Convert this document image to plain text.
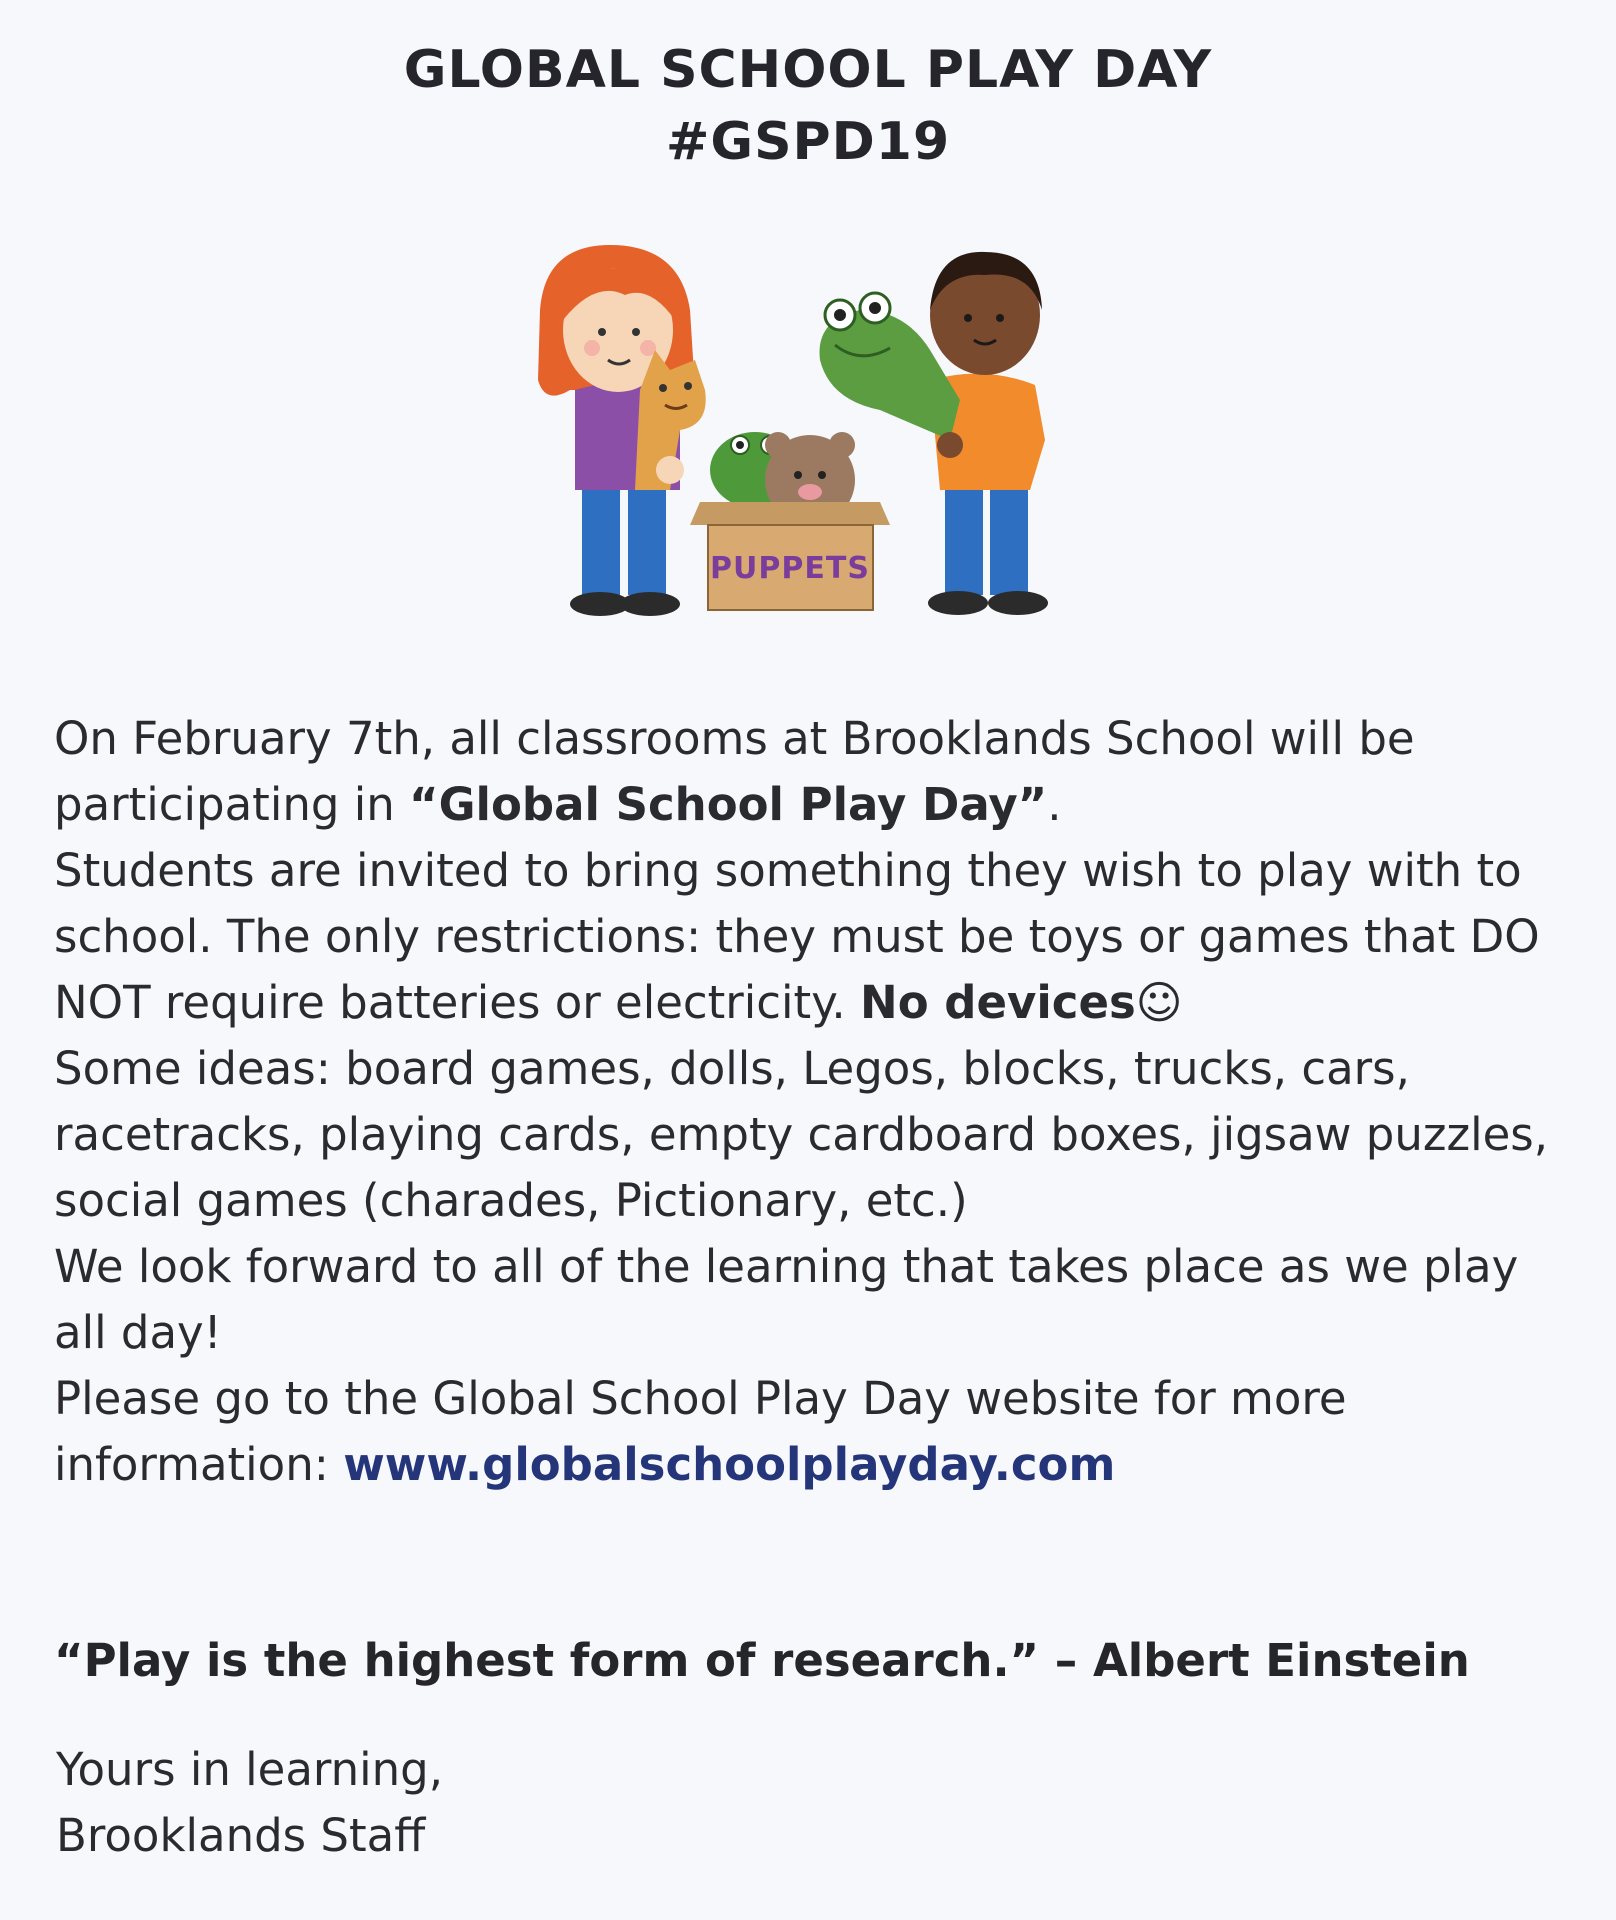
GLOBAL SCHOOL PLAY DAY
#GSPD19
PUPPETS

On February 7th, all classrooms at Brooklands School will be participating in “Global School Play Day”.

Students are invited to bring something they wish to play with to school. The only restrictions: they must be toys or games that DO NOT require batteries or electricity. No devices☺

Some ideas: board games, dolls, Legos, blocks, trucks, cars, racetracks, playing cards, empty cardboard boxes, jigsaw puzzles, social games (charades, Pictionary, etc.)

We look forward to all of the learning that takes place as we play all day!

Please go to the Global School Play Day website for more information: www.globalschoolplayday.com

“Play is the highest form of research.” – Albert Einstein

Yours in learning,

Brooklands Staff
